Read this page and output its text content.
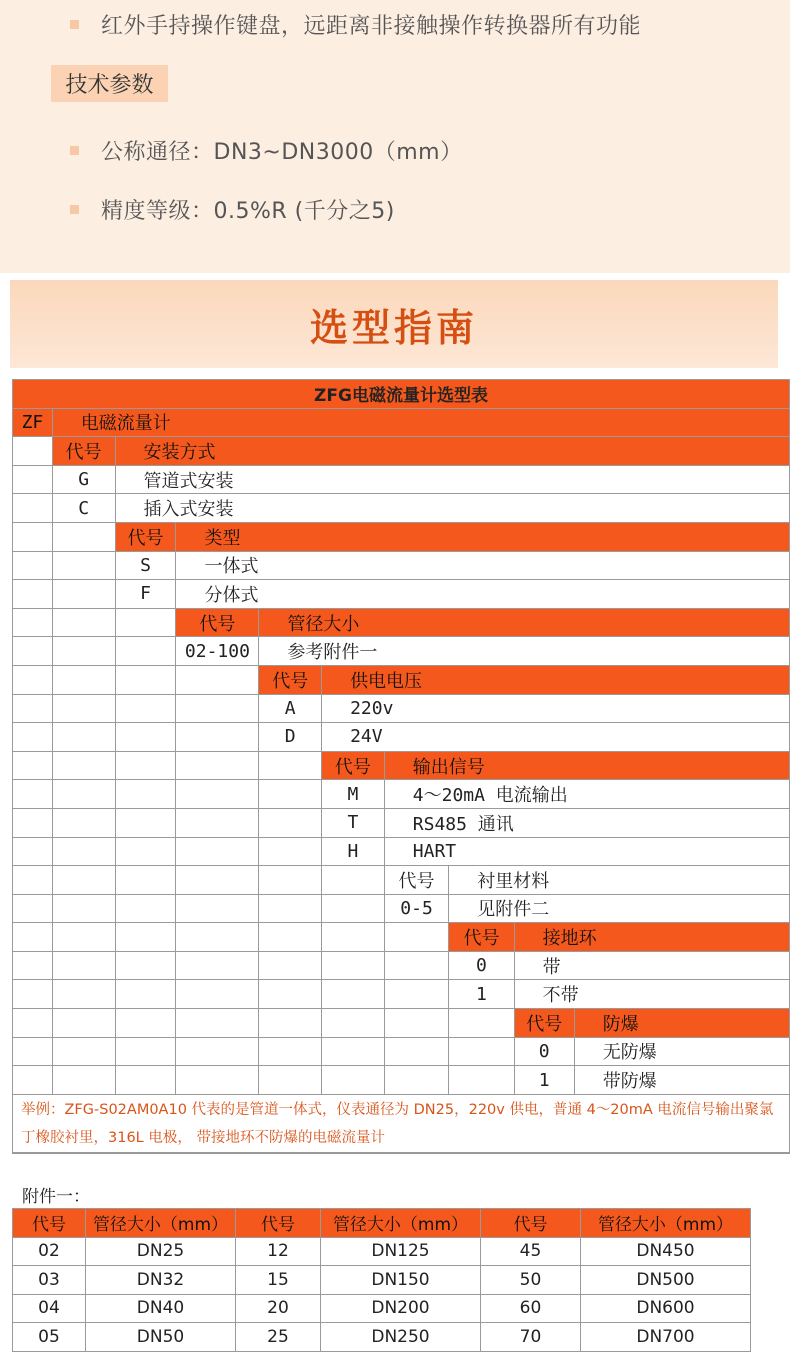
红外手持操作键盘，远距离非接触操作转换器所有功能
技术参数
公称通径：DN3~DN3000（mm）
精度等级：0.5%R (千分之5)
选型指南
ZFG电磁流量计选型表									
ZF	电磁流量计								
	代号	安装方式							
	G	管道式安装							
	C	插入式安装							
		代号	类型						
		S	一体式						
		F	分体式						
			代号	管径大小					
			02-100	参考附件一					
				代号	供电电压				
				A	220v				
				D	24V				
					代号	输出信号			
					M	4～20mA 电流输出			
					T	RS485 通讯			
					H	HART			
						代号	衬里材料		
						0-5	见附件二		
							代号	接地环	
							0	带	
							1	不带	
								代号	防爆
								0	无防爆
								1	带防爆
举例：ZFG-S02AM0A10 代表的是管道一体式，仪表通径为 DN25，220v 供电，普通 4～20mA 电流信号输出聚氯丁橡胶衬里，316L 电极， 带接地环不防爆的电磁流量计									
附件一：
代号	管径大小（mm）	代号	管径大小（mm）	代号	管径大小（mm）
02	DN25	12	DN125	45	DN450
03	DN32	15	DN150	50	DN500
04	DN40	20	DN200	60	DN600
05	DN50	25	DN250	70	DN700
